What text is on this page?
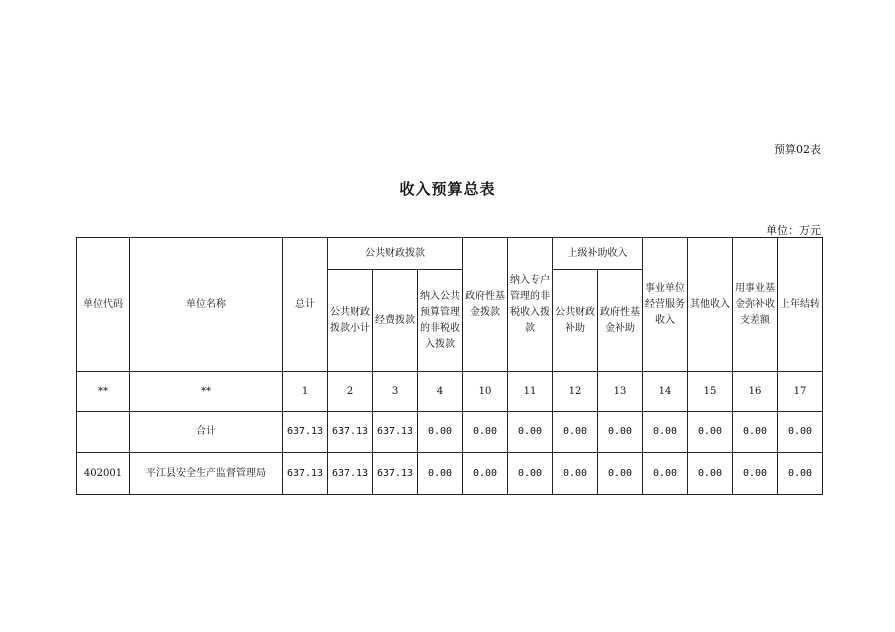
预算02表
收入预算总表
单位：万元
单位代码	单位名称	总计	公共财政拨款			政府性基金拨款	纳入专户管理的非税收入拨款	上级补助收入		事业单位经营服务收入	其他收入	用事业基金弥补收支差额	上年结转
			公共财政拨款小计	经费拨款	纳入公共预算管理的非税收入拨款			公共财政补助	政府性基金补助				
**	**	1	2	3	4	10	11	12	13	14	15	16	17
	合计	637.13	637.13	637.13	0.00	0.00	0.00	0.00	0.00	0.00	0.00	0.00	0.00
402001	平江县安全生产监督管理局	637.13	637.13	637.13	0.00	0.00	0.00	0.00	0.00	0.00	0.00	0.00	0.00
